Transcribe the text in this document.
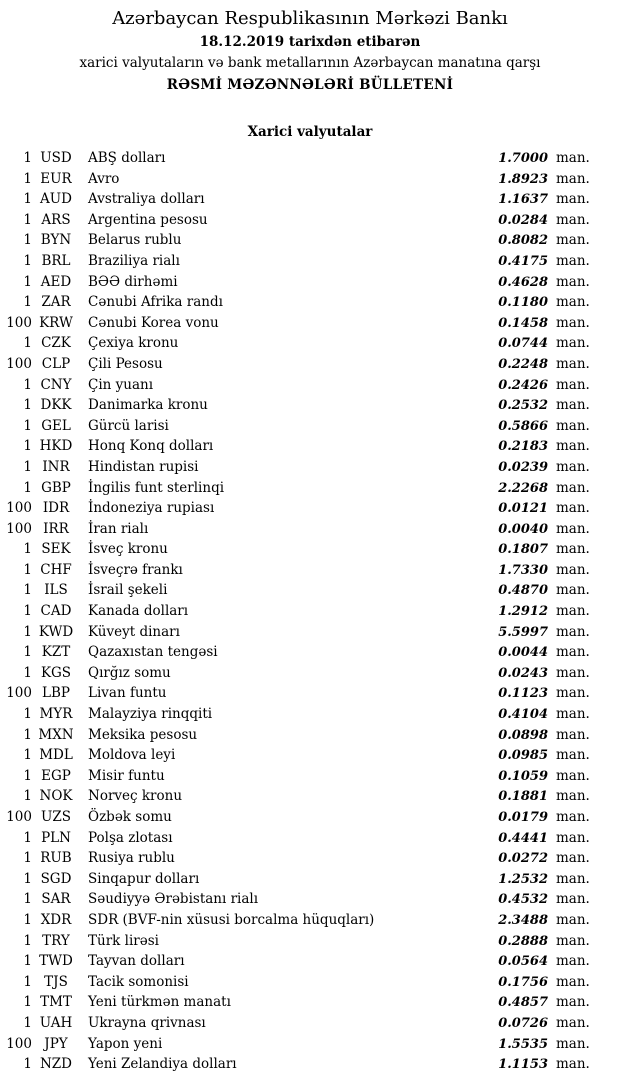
Azərbaycan Respublikasının Mərkəzi Bankı
18.12.2019 tarixdən etibarən
xarici valyutaların və bank metallarının Azərbaycan manatına qarşı
RƏSMİ MƏZƏNNƏLƏRİ BÜLLETENİ
Xarici valyutalar
1 USD	ABŞ dolları	1.7000 man.
1 EUR	Avro	1.8923 man.
1 AUD	Avstraliya dolları	1.1637 man.
1 ARS	Argentina pesosu	0.0284 man.
1 BYN	Belarus rublu	0.8082 man.
1 BRL	Braziliya rialı	0.4175 man.
1 AED	BƏƏ dirhəmi	0.4628 man.
1 ZAR	Cənubi Afrika randı	0.1180 man.
100 KRW	Cənubi Korea vonu	0.1458 man.
1 CZK	Çexiya kronu	0.0744 man.
100 CLP	Çili Pesosu	0.2248 man.
1 CNY	Çin yuanı	0.2426 man.
1 DKK	Danimarka kronu	0.2532 man.
1 GEL	Gürcü larisi	0.5866 man.
1 HKD	Honq Konq dolları	0.2183 man.
1 INR	Hindistan rupisi	0.0239 man.
1 GBP	İngilis funt sterlinqi	2.2268 man.
100 IDR	İndoneziya rupiası	0.0121 man.
100 IRR	İran rialı	0.0040 man.
1 SEK	İsveç kronu	0.1807 man.
1 CHF	İsveçrə frankı	1.7330 man.
1 ILS	İsrail şekeli	0.4870 man.
1 CAD	Kanada dolları	1.2912 man.
1 KWD	Küveyt dinarı	5.5997 man.
1 KZT	Qazaxıstan tengəsi	0.0044 man.
1 KGS	Qırğız somu	0.0243 man.
100 LBP	Livan funtu	0.1123 man.
1 MYR	Malayziya rinqqiti	0.4104 man.
1 MXN	Meksika pesosu	0.0898 man.
1 MDL	Moldova leyi	0.0985 man.
1 EGP	Misir funtu	0.1059 man.
1 NOK	Norveç kronu	0.1881 man.
100 UZS	Özbək somu	0.0179 man.
1 PLN	Polşa zlotası	0.4441 man.
1 RUB	Rusiya rublu	0.0272 man.
1 SGD	Sinqapur dolları	1.2532 man.
1 SAR	Səudiyyə Ərəbistanı rialı	0.4532 man.
1 XDR	SDR (BVF-nin xüsusi borcalma hüquqları)	2.3488 man.
1 TRY	Türk lirəsi	0.2888 man.
1 TWD	Tayvan dolları	0.0564 man.
1 TJS	Tacik somonisi	0.1756 man.
1 TMT	Yeni türkmən manatı	0.4857 man.
1 UAH	Ukrayna qrivnası	0.0726 man.
100 JPY	Yapon yeni	1.5535 man.
1 NZD	Yeni Zelandiya dolları	1.1153 man.
